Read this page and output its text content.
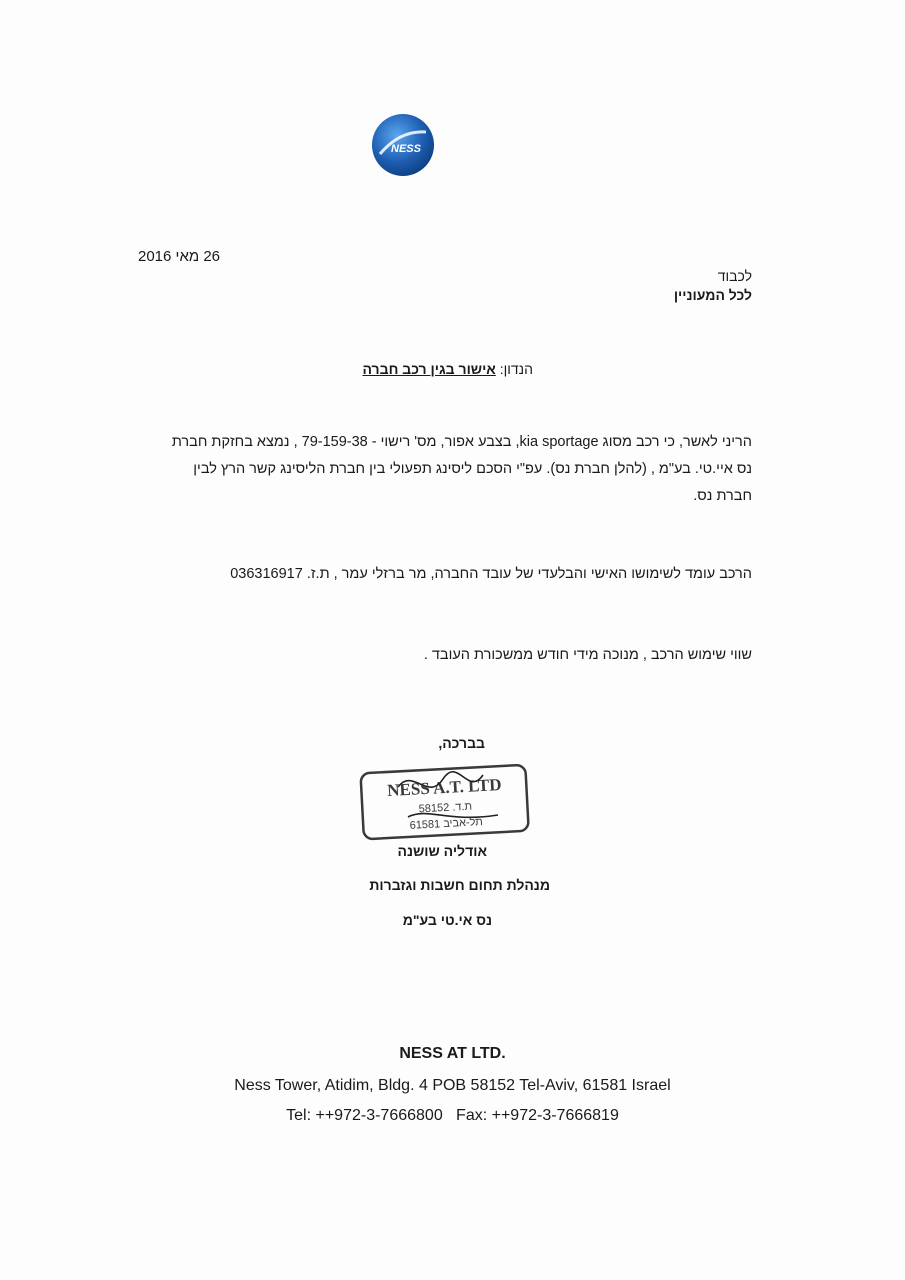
NESS
26 מאי 2016
לכבוד
לכל המעוניין
הנדון: אישור בגין רכב חברה
הריני לאשר, כי רכב מסוג kia sportage, בצבע אפור, מס' רישוי - 79-159-38 , נמצא בחזקת חברת נס איי.טי. בע"מ , (להלן חברת נס). עפ"י הסכם ליסינג תפעולי בין חברת הליסינג קשר הרץ לבין חברת נס.
הרכב עומד לשימושו האישי והבלעדי של עובד החברה, מר ברזלי עמר , ת.ז. 036316917
שווי שימוש הרכב , מנוכה מידי חודש ממשכורת העובד .
בברכה,
NESS A.T. LTD
ת.ד. 58152
תל-אביב 61581
אודליה שושנה
מנהלת תחום חשבות וגזברות
נס אי.טי בע"מ
NESS AT LTD.
Ness Tower, Atidim, Bldg. 4 POB 58152 Tel-Aviv, 61581 Israel
Tel: ++972-3-7666800   Fax: ++972-3-7666819
